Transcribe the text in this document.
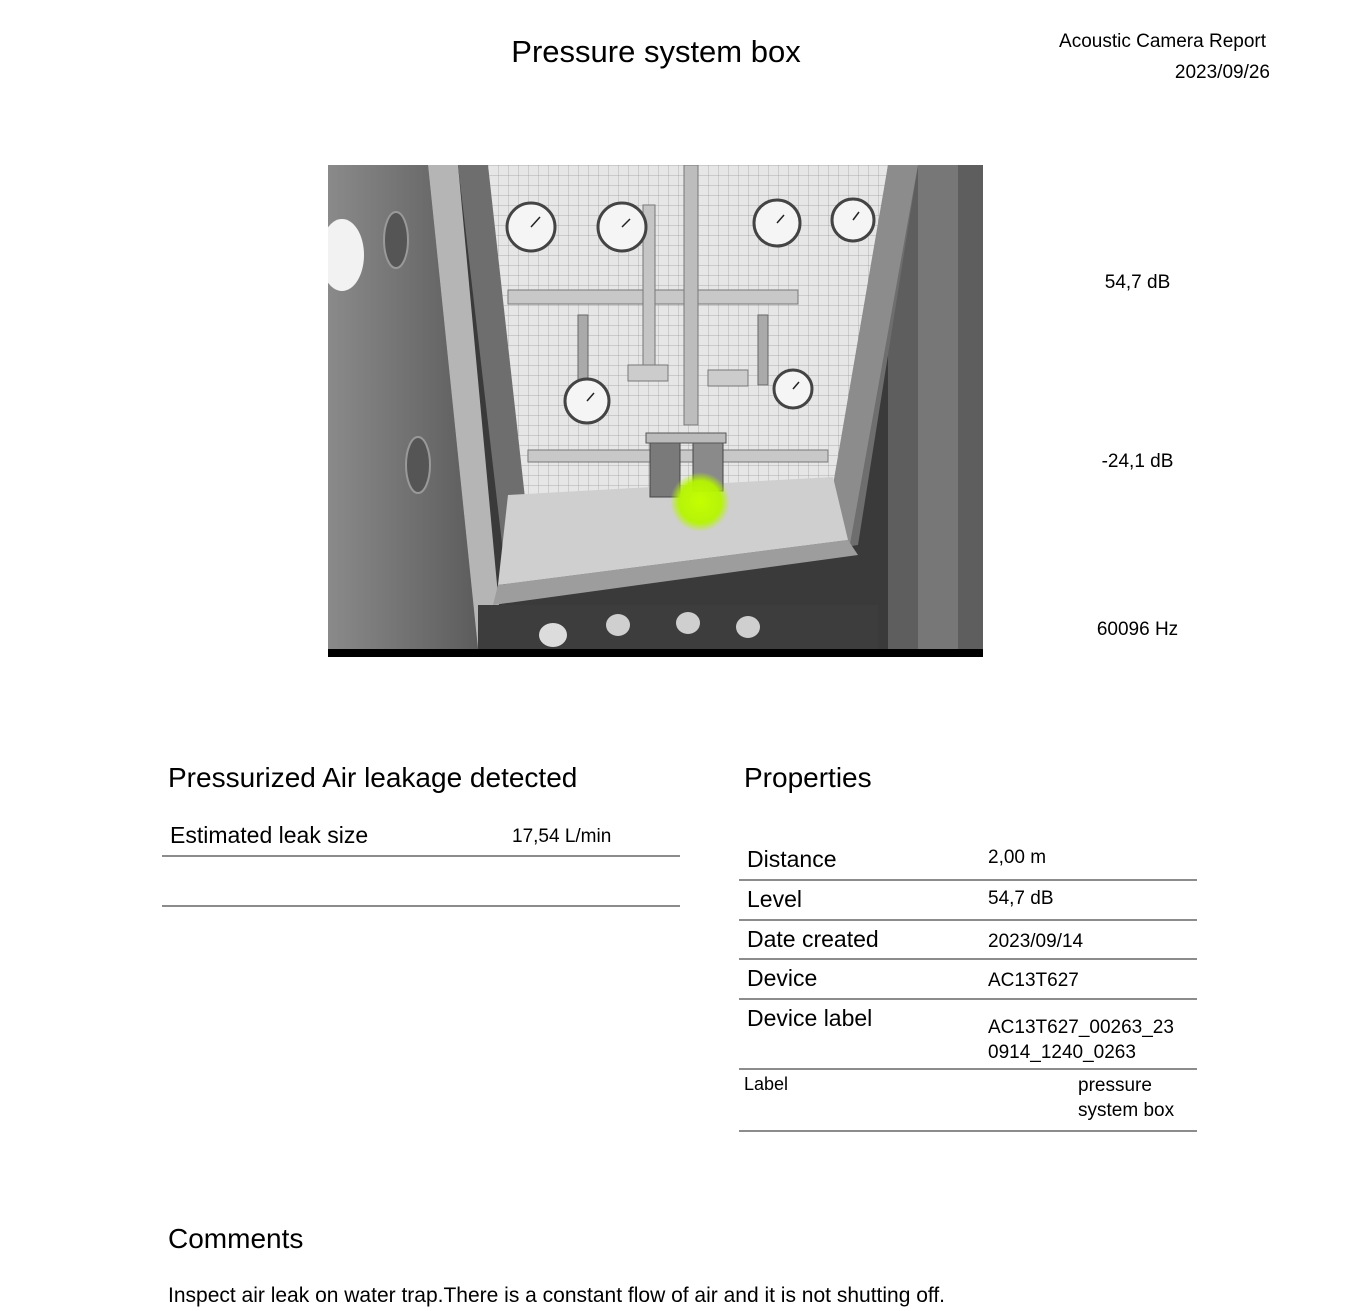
Pressure system box	Acoustic Camera Report
2023/09/26
54,7 dB
-24,1 dB
60096 Hz
Pressurized Air leakage detected
Estimated leak size	17,54 L/min
Properties
Distance	2,00 m
Level	54,7 dB
Date created	2023/09/14
Device	AC13T627
Device label	AC13T627_00263_23
0914_1240_0263
Label	pressure
system box
Comments
Inspect air leak on water trap.There is a constant flow of air and it is not shutting off.
